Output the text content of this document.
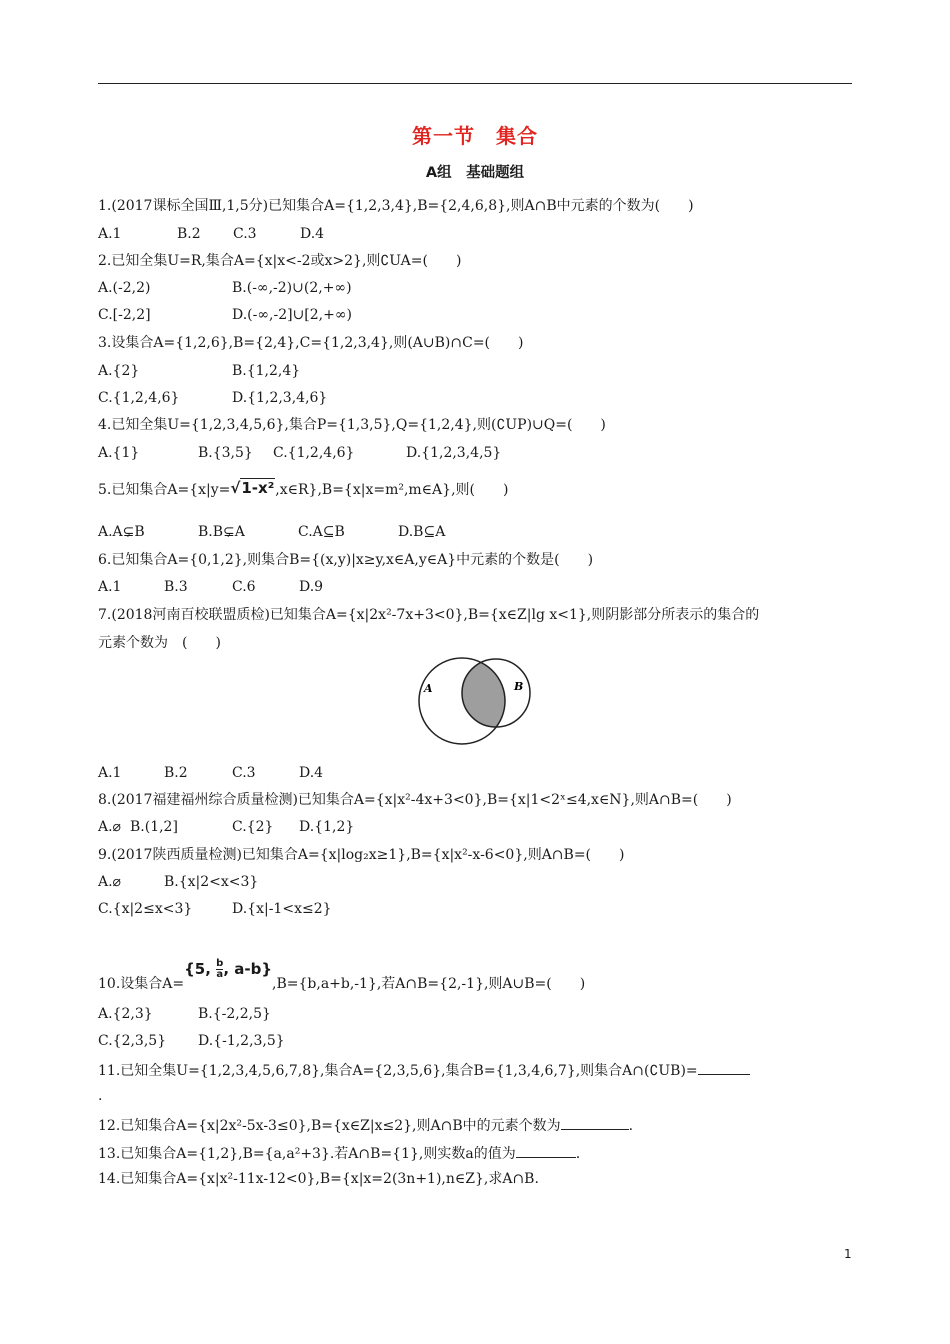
第一节　集合
A组　基础题组
1.(2017课标全国Ⅲ,1,5分)已知集合A={1,2,3,4},B={2,4,6,8},则A∩B中元素的个数为(　　)
A.1	B.2 C.3	D.4
2.已知全集U=R,集合A={x|x<-2或x>2},则∁UA=(　　)
A.(-2,2)	B.(-∞,-2)∪(2,+∞)
C.[-2,2]	D.(-∞,-2]∪[2,+∞)
3.设集合A={1,2,6},B={2,4},C={1,2,3,4},则(A∪B)∩C=(　　)
A.{2}	B.{1,2,4}
C.{1,2,4,6}	D.{1,2,3,4,6}
4.已知全集U={1,2,3,4,5,6},集合P={1,3,5},Q={1,2,4},则(∁UP)∪Q=(　　)
A.{1}	B.{3,5} C.{1,2,4,6}	D.{1,2,3,4,5}
5.已知集合A={x|y=√1-x²,x∈R},B={x|x=m²,m∈A},则(　　)
A.A⊊B	B.B⊊A	C.A⊆B	D.B⊆A
6.已知集合A={0,1,2},则集合B={(x,y)|x≥y,x∈A,y∈A}中元素的个数是(　　)
A.1	B.3	C.6	D.9
7.(2018河南百校联盟质检)已知集合A={x|2x²-7x+3<0},B={x∈Z|lg x<1},则阴影部分所表示的集合的
元素个数为　(　　)
A	B
A.1	B.2	C.3	D.4
8.(2017福建福州综合质量检测)已知集合A={x|x²-4x+3<0},B={x|1<2ˣ≤4,x∈N},则A∩B=(　　)
A.⌀ B.(1,2]	C.{2} D.{1,2}
9.(2017陕西质量检测)已知集合A={x|log₂x≥1},B={x|x²-x-6<0},则A∩B=(　　)
A.⌀	B.{x|2<x<3}
C.{x|2≤x<3}	D.{x|-1<x≤2}
10.设集合A={5, $\frac{b}{a}$ , a-b},B={b,a+b,-1},若A∩B={2,-1},则A∪B=(　　)
A.{2,3}	B.{-2,2,5}
C.{2,3,5} D.{-1,2,3,5}
11.已知全集U={1,2,3,4,5,6,7,8},集合A={2,3,5,6},集合B={1,3,4,6,7},则集合A∩(∁UB)=
.
12.已知集合A={x|2x²-5x-3≤0},B={x∈Z|x≤2},则A∩B中的元素个数为	.
13.已知集合A={1,2},B={a,a²+3}.若A∩B={1},则实数a的值为	.
14.已知集合A={x|x²-11x-12<0},B={x|x=2(3n+1),n∈Z},求A∩B.
1
